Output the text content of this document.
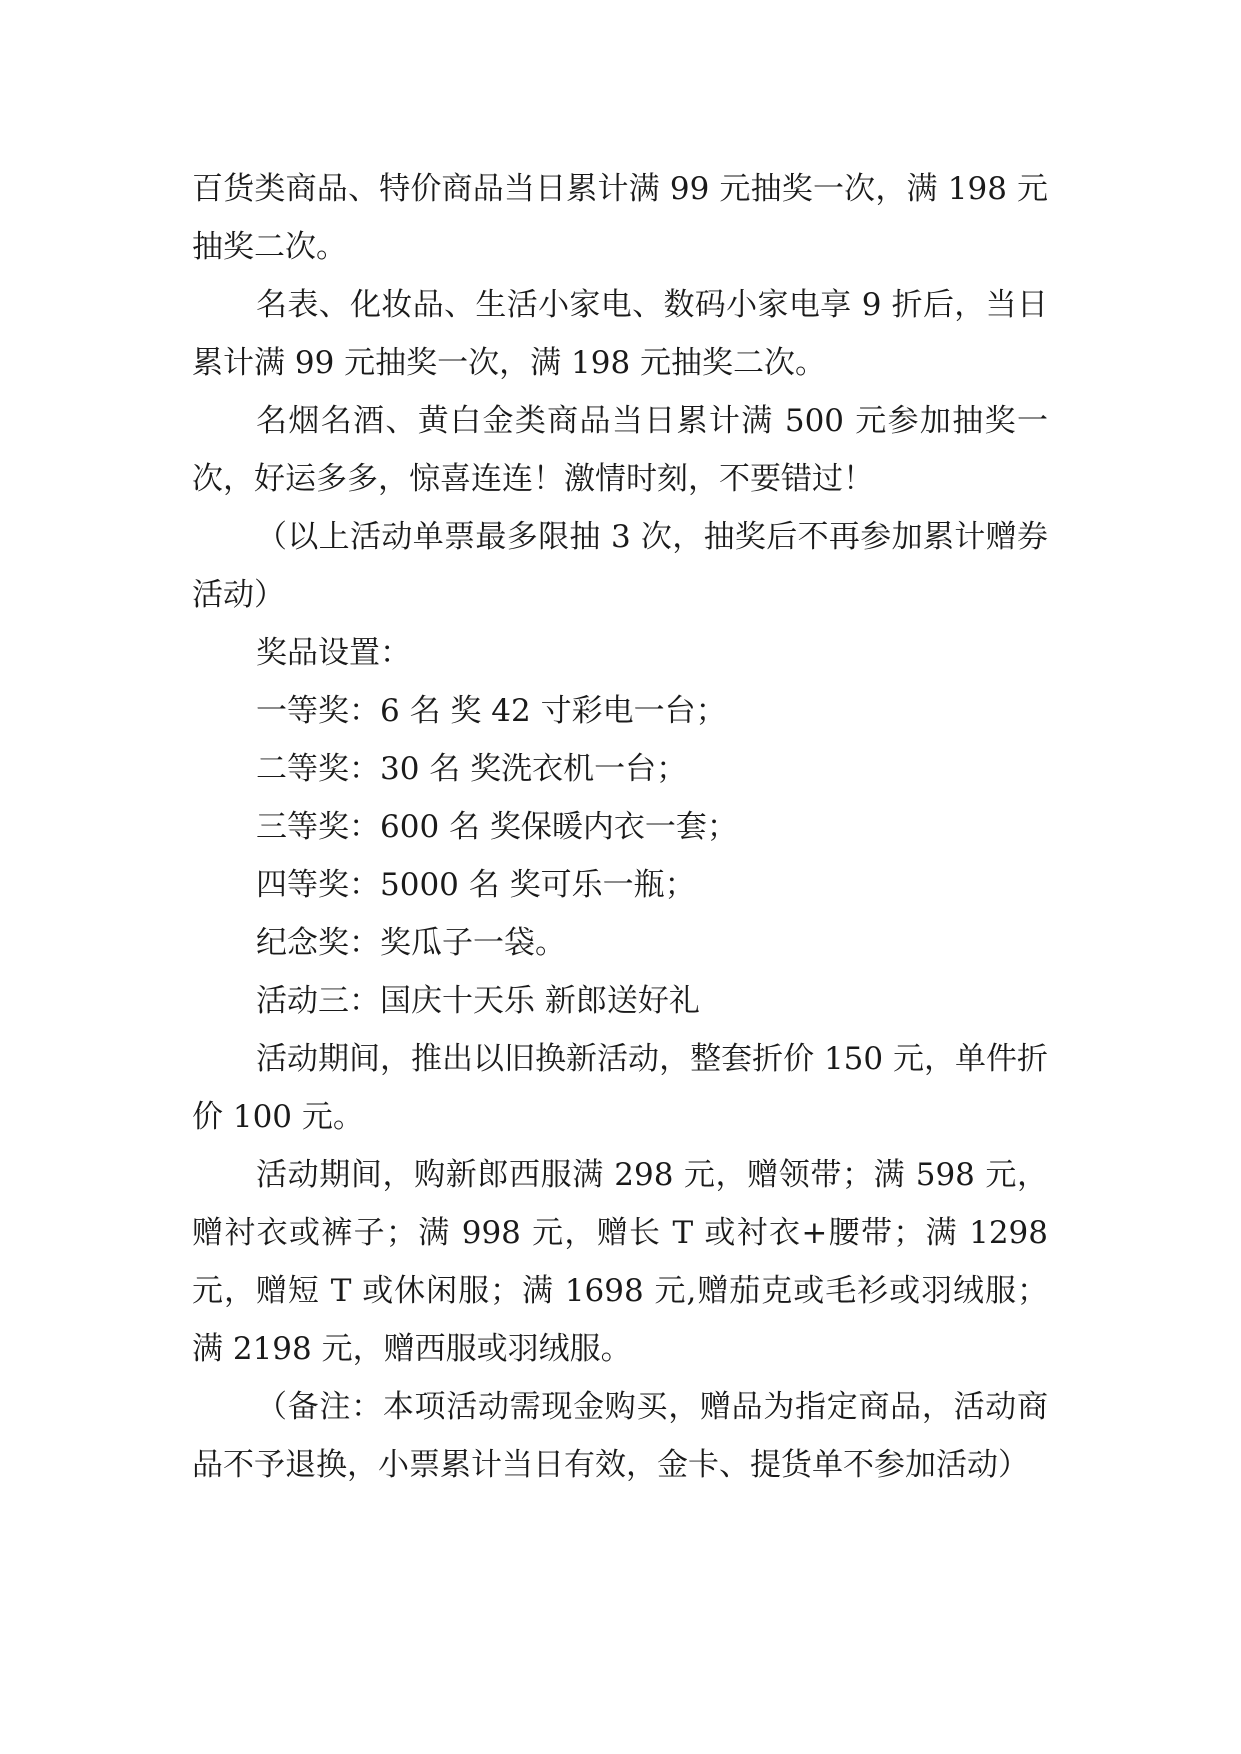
百货类商品、特价商品当日累计满 99 元抽奖一次，满 198 元抽奖二次。

名表、化妆品、生活小家电、数码小家电享 9 折后，当日累计满 99 元抽奖一次，满 198 元抽奖二次。

名烟名酒、黄白金类商品当日累计满 500 元参加抽奖一次，好运多多，惊喜连连！激情时刻，不要错过！

（以上活动单票最多限抽 3 次，抽奖后不再参加累计赠券活动）

奖品设置：

一等奖：6 名 奖 42 寸彩电一台；

二等奖：30 名 奖洗衣机一台；

三等奖：600 名 奖保暖内衣一套；

四等奖：5000 名 奖可乐一瓶；

纪念奖：奖瓜子一袋。

活动三：国庆十天乐 新郎送好礼

活动期间，推出以旧换新活动，整套折价 150 元，单件折价 100 元。

活动期间，购新郎西服满 298 元，赠领带；满 598 元，赠衬衣或裤子；满 998 元，赠长 T 或衬衣+腰带；满 1298 元，赠短 T 或休闲服；满 1698 元,赠茄克或毛衫或羽绒服；满 2198 元，赠西服或羽绒服。

（备注：本项活动需现金购买，赠品为指定商品，活动商品不予退换，小票累计当日有效，金卡、提货单不参加活动）
